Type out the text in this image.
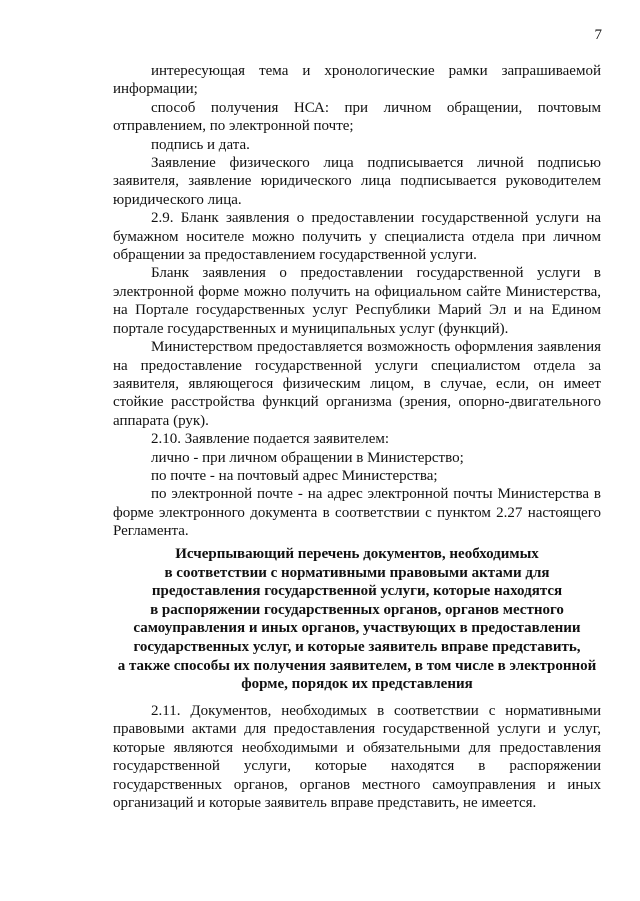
7

интересующая тема и хронологические рамки запрашиваемой информации;

способ получения НСА: при личном обращении, почтовым отправлением, по электронной почте;

подпись и дата.

Заявление физического лица подписывается личной подписью заявителя, заявление юридического лица подписывается руководителем юридического лица.

2.9. Бланк заявления о предоставлении государственной услуги на бумажном носителе можно получить у специалиста отдела при личном обращении за предоставлением государственной услуги.

Бланк заявления о предоставлении государственной услуги в электронной форме можно получить на официальном сайте Министерства, на Портале государственных услуг Республики Марий Эл и на Едином портале государственных и муниципальных услуг (функций).

Министерством предоставляется возможность оформления заявления на предоставление государственной услуги специалистом отдела за заявителя, являющегося физическим лицом, в случае, если, он имеет стойкие расстройства функций организма (зрения, опорно-двигательного аппарата (рук).

2.10. Заявление подается заявителем:

лично - при личном обращении в Министерство;

по почте - на почтовый адрес Министерства;

по электронной почте - на адрес электронной почты Министерства в форме электронного документа в соответствии с пунктом 2.27 настоящего Регламента.

Исчерпывающий перечень документов, необходимых
в соответствии с нормативными правовыми актами для
предоставления государственной услуги, которые находятся
в распоряжении государственных органов, органов местного
самоуправления и иных органов, участвующих в предоставлении
государственных услуг, и которые заявитель вправе представить,
а также способы их получения заявителем, в том числе в электронной
форме, порядок их представления

2.11. Документов, необходимых в соответствии с нормативными правовыми актами для предоставления государственной услуги и услуг, которые являются необходимыми и обязательными для предоставления государственной услуги, которые находятся в распоряжении государственных органов, органов местного самоуправления и иных организаций и которые заявитель вправе представить, не имеется.
